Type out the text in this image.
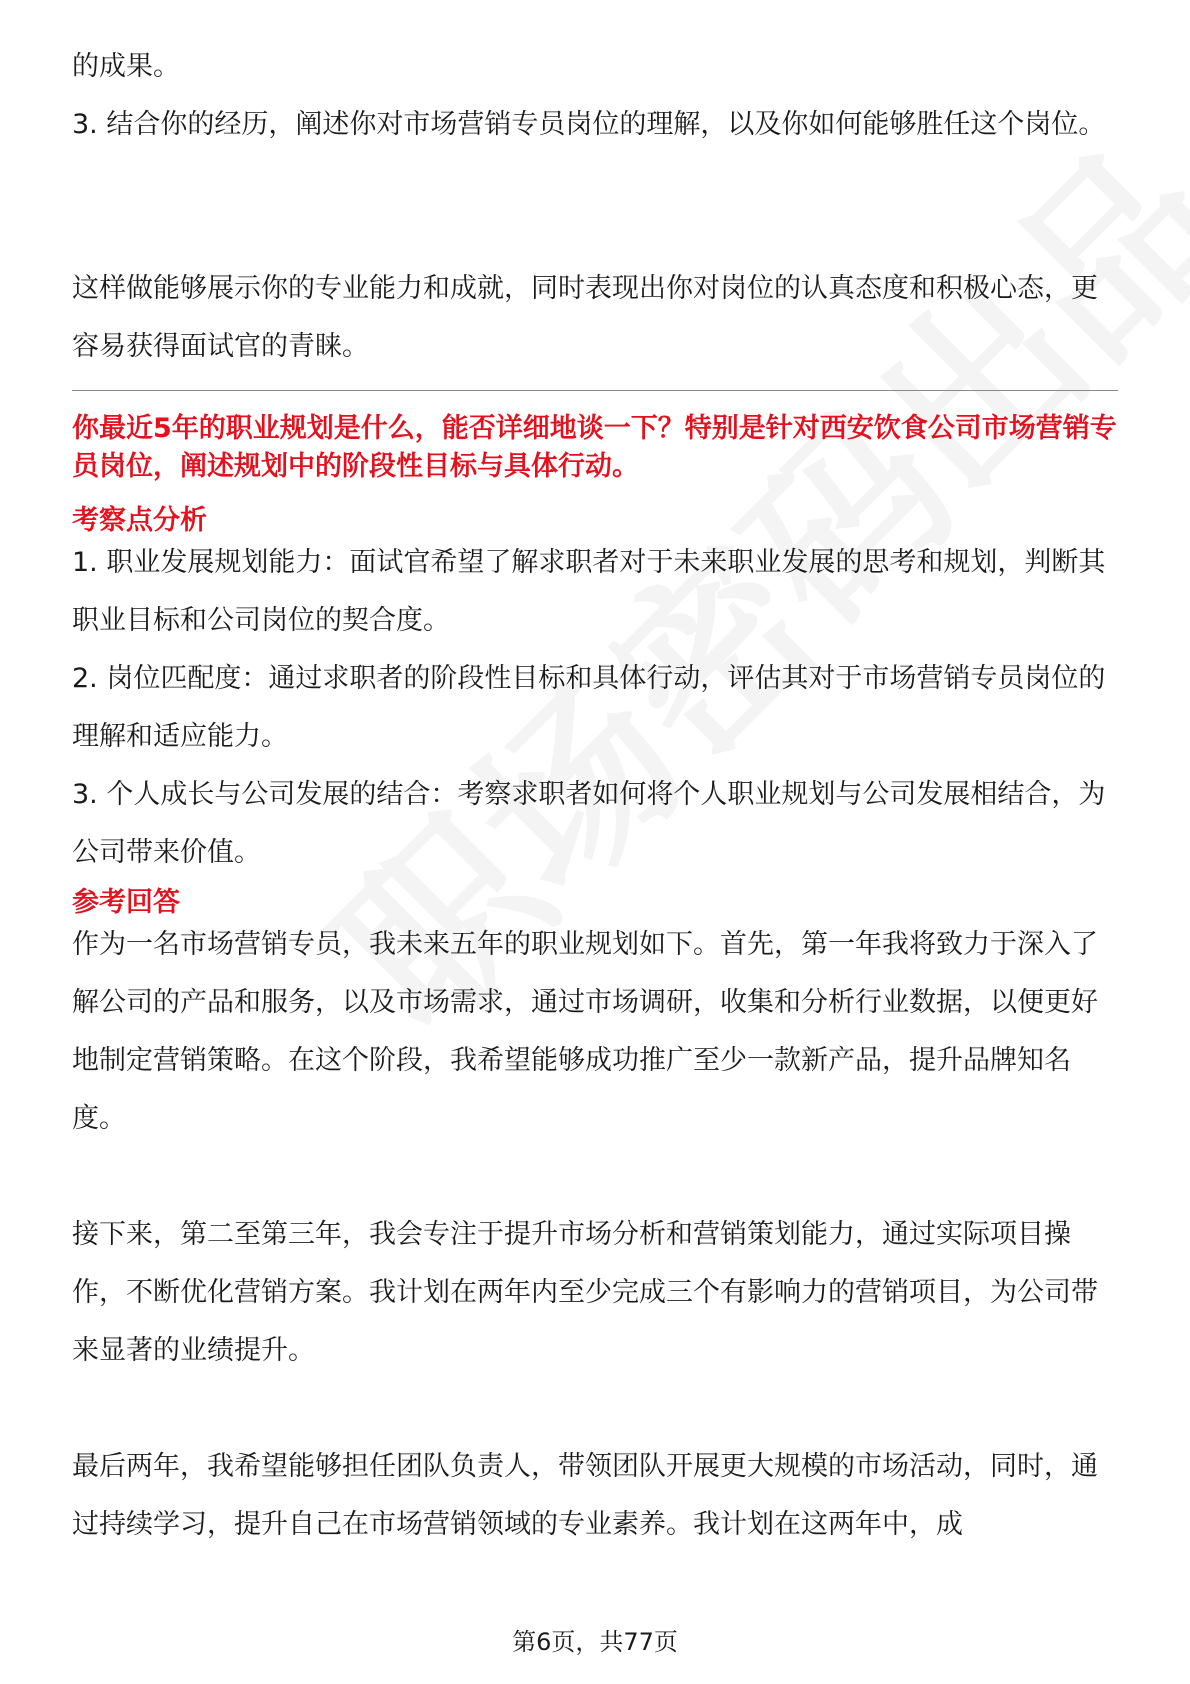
的成果。

3. 结合你的经历，阐述你对市场营销专员岗位的理解，以及你如何能够胜任这个岗位。

这样做能够展示你的专业能力和成就，同时表现出你对岗位的认真态度和积极心态，更容易获得面试官的青睐。

你最近5年的职业规划是什么，能否详细地谈一下？特别是针对西安饮食公司市场营销专员岗位，阐述规划中的阶段性目标与具体行动。

考察点分析

1. 职业发展规划能力：面试官希望了解求职者对于未来职业发展的思考和规划，判断其职业目标和公司岗位的契合度。

2. 岗位匹配度：通过求职者的阶段性目标和具体行动，评估其对于市场营销专员岗位的理解和适应能力。

3. 个人成长与公司发展的结合：考察求职者如何将个人职业规划与公司发展相结合，为公司带来价值。

参考回答

作为一名市场营销专员，我未来五年的职业规划如下。首先，第一年我将致力于深入了解公司的产品和服务，以及市场需求，通过市场调研，收集和分析行业数据，以便更好地制定营销策略。在这个阶段，我希望能够成功推广至少一款新产品，提升品牌知名度。

接下来，第二至第三年，我会专注于提升市场分析和营销策划能力，通过实际项目操作，不断优化营销方案。我计划在两年内至少完成三个有影响力的营销项目，为公司带来显著的业绩提升。

最后两年，我希望能够担任团队负责人，带领团队开展更大规模的市场活动，同时，通过持续学习，提升自己在市场营销领域的专业素养。我计划在这两年中，成

第6页，共77页
